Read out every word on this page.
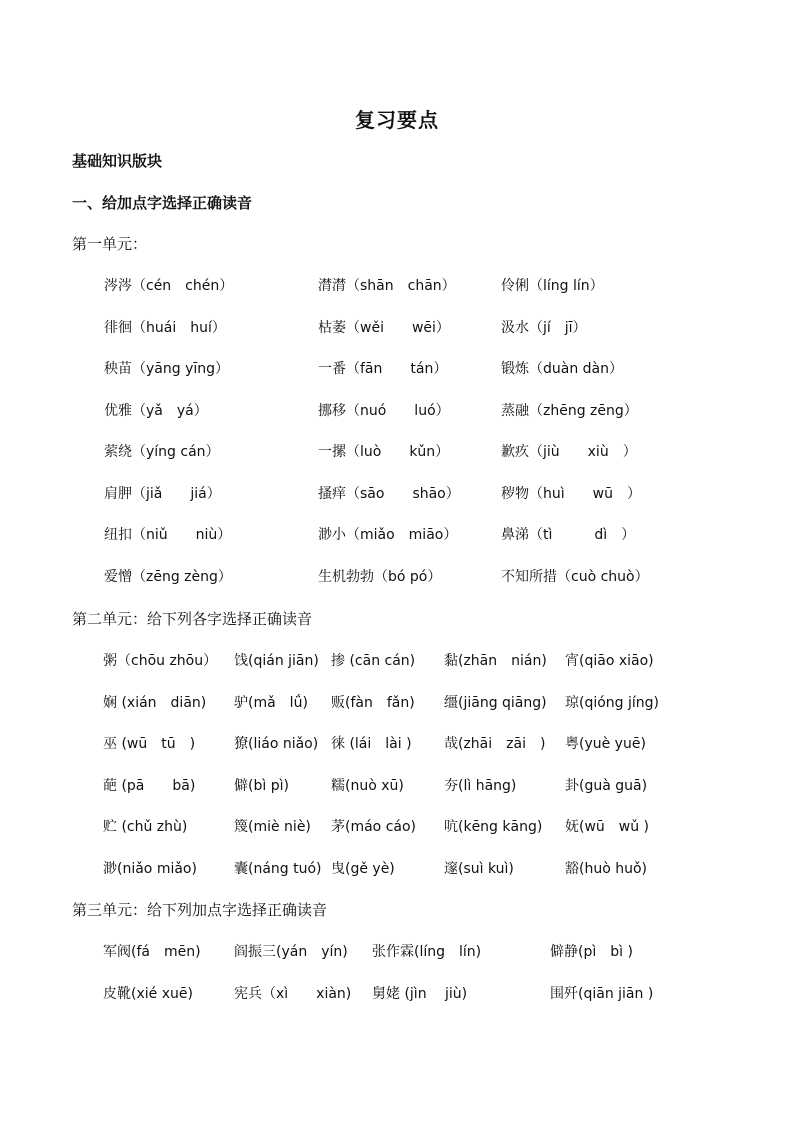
复习要点
基础知识版块
一、给加点字选择正确读音
第一单元：
涔涔（cén　chén）	潸潸（shān　chān）	伶俐（líng lín）
徘徊（huái　huí）	枯萎（wěi　　wēi）	汲水（jí　jī）
秧苗（yāng yīng）	一番（fān　　tán）	锻炼（duàn dàn）
优雅（yǎ　yá）	挪移（nuó　　luó）	蒸融（zhēng zēng）
萦绕（yíng cán）	一摞（luò　　kǔn）	歉疚（jiù　　xiù　）
肩胛（jiǎ　　jiá）	搔痒（sāo　　shāo）	秽物（huì　　wū　）
纽扣（niǔ　　niù）	渺小（miǎo　miāo）	鼻涕（tì　　　dì　）
爱憎（zēng zèng）	生机勃勃（bó pó）	不知所措（cuò chuò）
第二单元：给下列各字选择正确读音
粥（chōu zhōu） 饯(qián jiān) 掺 (cān cán) 黏(zhān　nián) 宵(qiāo xiāo)
娴 (xián　diān) 驴(mǎ　lǘ) 贩(fàn　fǎn) 缰(jiāng qiāng) 琼(qióng jíng)
巫 (wū　tū　)	獠(liáo niǎo) 徕 (lái　lài ) 哉(zhāi　zāi　) 粤(yuè yuē)
葩 (pā　　bā)	僻(bì pì)	糯(nuò xū)	夯(lì hāng)	卦(guà guā)
贮 (chǔ zhù)	篾(miè niè) 茅(máo cáo) 吭(kēng kāng) 妩(wū　wǔ )
渺(niǎo miǎo)	囊(náng tuó) 曳(gě yè)	邃(suì kuì)	豁(huò huǒ)
第三单元：给下列加点字选择正确读音
军阀(fá　mēn) 阎振三(yán　yín) 张作霖(líng　lín)	僻静(pì　bì )
皮靴(xié xuē)	宪兵（xì　　xiàn) 舅姥 (jìn　 jiù)	围歼(qiān jiān )
